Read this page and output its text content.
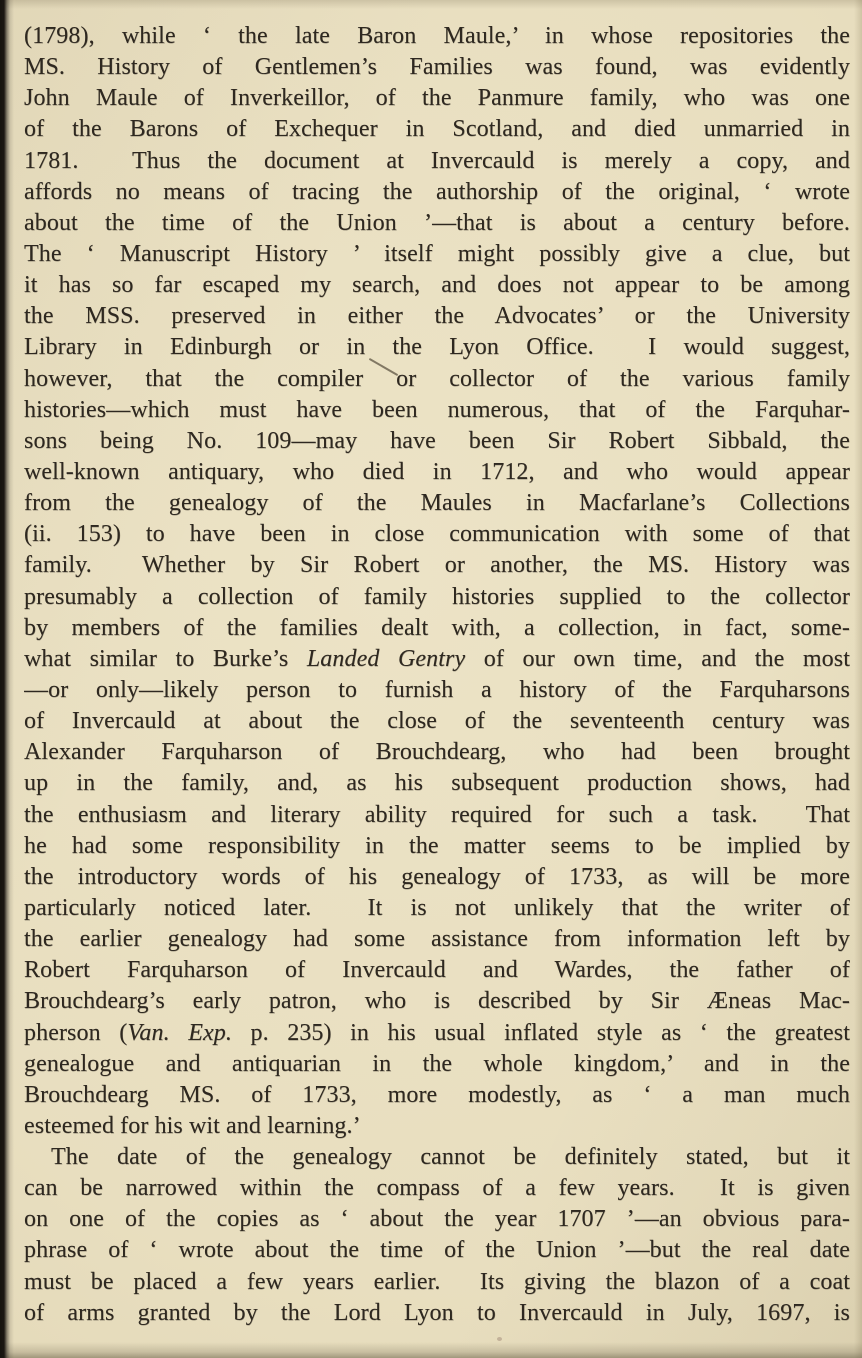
(1798), while ‘ the late Baron Maule,’ in whose repositories the
MS. History of Gentlemen’s Families was found, was evidently
John Maule of Inverkeillor, of the Panmure family, who was one
of the Barons of Exchequer in Scotland, and died unmarried in
1781.  Thus the document at Invercauld is merely a copy, and
affords no means of tracing the authorship of the original, ‘ wrote
about the time of the Union ’—that is about a century before.
The ‘ Manuscript History ’ itself might possibly give a clue, but
it has so far escaped my search, and does not appear to be among
the MSS. preserved in either the Advocates’ or the University
Library in Edinburgh or in the Lyon Office.  I would suggest,
however, that the compiler or collector of the various family
histories—which must have been numerous, that of the Farquhar-
sons being No. 109—may have been Sir Robert Sibbald, the
well-known antiquary, who died in 1712, and who would appear
from the genealogy of the Maules in Macfarlane’s Collections
(ii. 153) to have been in close communication with some of that
family.  Whether by Sir Robert or another, the MS. History was
presumably a collection of family histories supplied to the collector
by members of the families dealt with, a collection, in fact, some-
what similar to Burke’s Landed Gentry of our own time, and the most
—or only—likely person to furnish a history of the Farquharsons
of Invercauld at about the close of the seventeenth century was
Alexander Farquharson of Brouchdearg, who had been brought
up in the family, and, as his subsequent production shows, had
the enthusiasm and literary ability required for such a task.  That
he had some responsibility in the matter seems to be implied by
the introductory words of his genealogy of 1733, as will be more
particularly noticed later.  It is not unlikely that the writer of
the earlier genealogy had some assistance from information left by
Robert Farquharson of Invercauld and Wardes, the father of
Brouchdearg’s early patron, who is described by Sir Æneas Mac-
pherson (Van. Exp. p. 235) in his usual inflated style as ‘ the greatest
genealogue and antiquarian in the whole kingdom,’ and in the
Brouchdearg MS. of 1733, more modestly, as ‘ a man much
esteemed for his wit and learning.’
The date of the genealogy cannot be definitely stated, but it
can be narrowed within the compass of a few years.  It is given
on one of the copies as ‘ about the year 1707 ’—an obvious para-
phrase of ‘ wrote about the time of the Union ’—but the real date
must be placed a few years earlier.  Its giving the blazon of a coat
of arms granted by the Lord Lyon to Invercauld in July, 1697, is
